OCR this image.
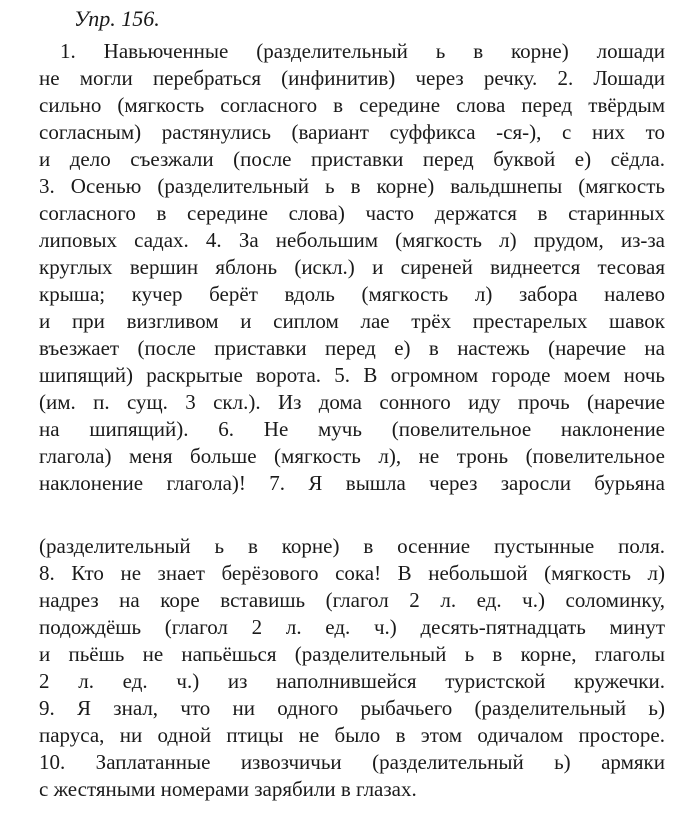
Упр. 156.
1. Навьюченные (разделительный ь в корне) лошади
не могли перебраться (инфинитив) через речку. 2. Лошади
сильно (мягкость согласного в середине слова перед твёрдым
согласным) растянулись (вариант суффикса -ся-), с них то
и дело съезжали (после приставки перед буквой е) сёдла.
3. Осенью (разделительный ь в корне) вальдшнепы (мягкость
согласного в середине слова) часто держатся в старинных
липовых садах. 4. За небольшим (мягкость л) прудом, из-за
круглых вершин яблонь (искл.) и сиреней виднеется тесовая
крыша; кучер берёт вдоль (мягкость л) забора налево
и при визгливом и сиплом лае трёх престарелых шавок
въезжает (после приставки перед е) в настежь (наречие на
шипящий) раскрытые ворота. 5. В огромном городе моем ночь
(им. п. сущ. 3 скл.). Из дома сонного иду прочь (наречие
на шипящий). 6. Не мучь (повелительное наклонение
глагола) меня больше (мягкость л), не тронь (повелительное
наклонение глагола)! 7. Я вышла через заросли бурьяна
(разделительный ь в корне) в осенние пустынные поля.
8. Кто не знает берёзового сока! В небольшой (мягкость л)
надрез на коре вставишь (глагол 2 л. ед. ч.) соломинку,
подождёшь (глагол 2 л. ед. ч.) десять-пятнадцать минут
и пьёшь не напьёшься (разделительный ь в корне, глаголы
2 л. ед. ч.) из наполнившейся туристской кружечки.
9. Я знал, что ни одного рыбачьего (разделительный ь)
паруса, ни одной птицы не было в этом одичалом просторе.
10. Заплатанные извозчичьи (разделительный ь) армяки
с жестяными номерами зарябили в глазах.
